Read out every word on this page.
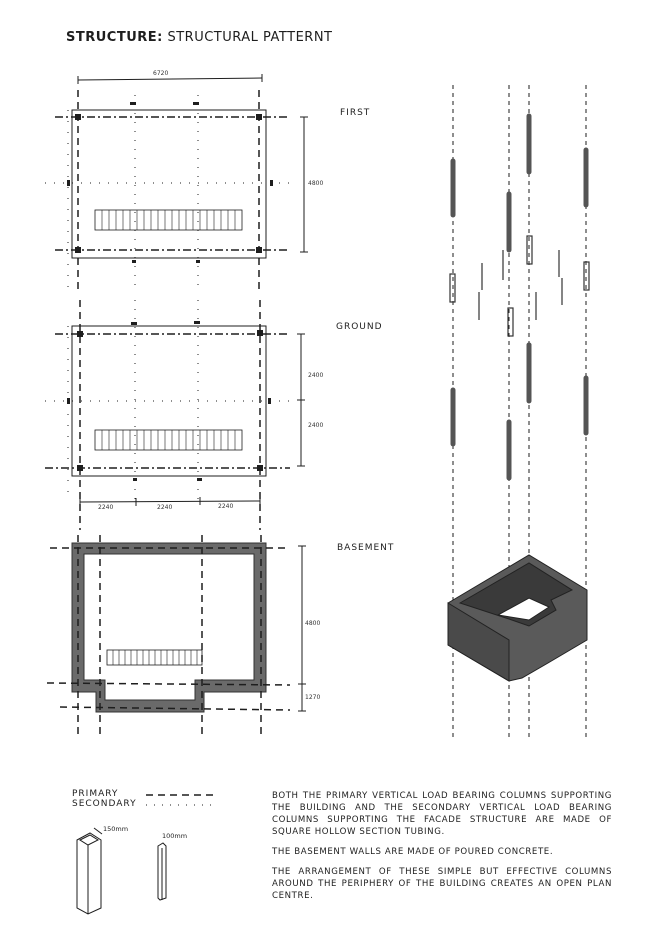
STRUCTURE: STRUCTURAL PATTERNT
6720
FIRST
4800
GROUND
2400
2400
2240	2240	2240
BASEMENT
4800
1270
PRIMARY
SECONDARY
150mm
100mm

BOTH THE PRIMARY VERTICAL LOAD BEARING COLUMNS SUPPORTING THE BUILDING AND THE SECONDARY VERTICAL LOAD BEARING COLUMNS SUPPORTING THE FACADE STRUCTURE ARE MADE OF SQUARE HOLLOW SECTION TUBING.

THE BASEMENT WALLS ARE MADE OF POURED CONCRETE.

THE ARRANGEMENT OF THESE SIMPLE BUT EFFECTIVE COLUMNS AROUND THE PERIPHERY OF THE BUILDING CREATES AN OPEN PLAN CENTRE.
